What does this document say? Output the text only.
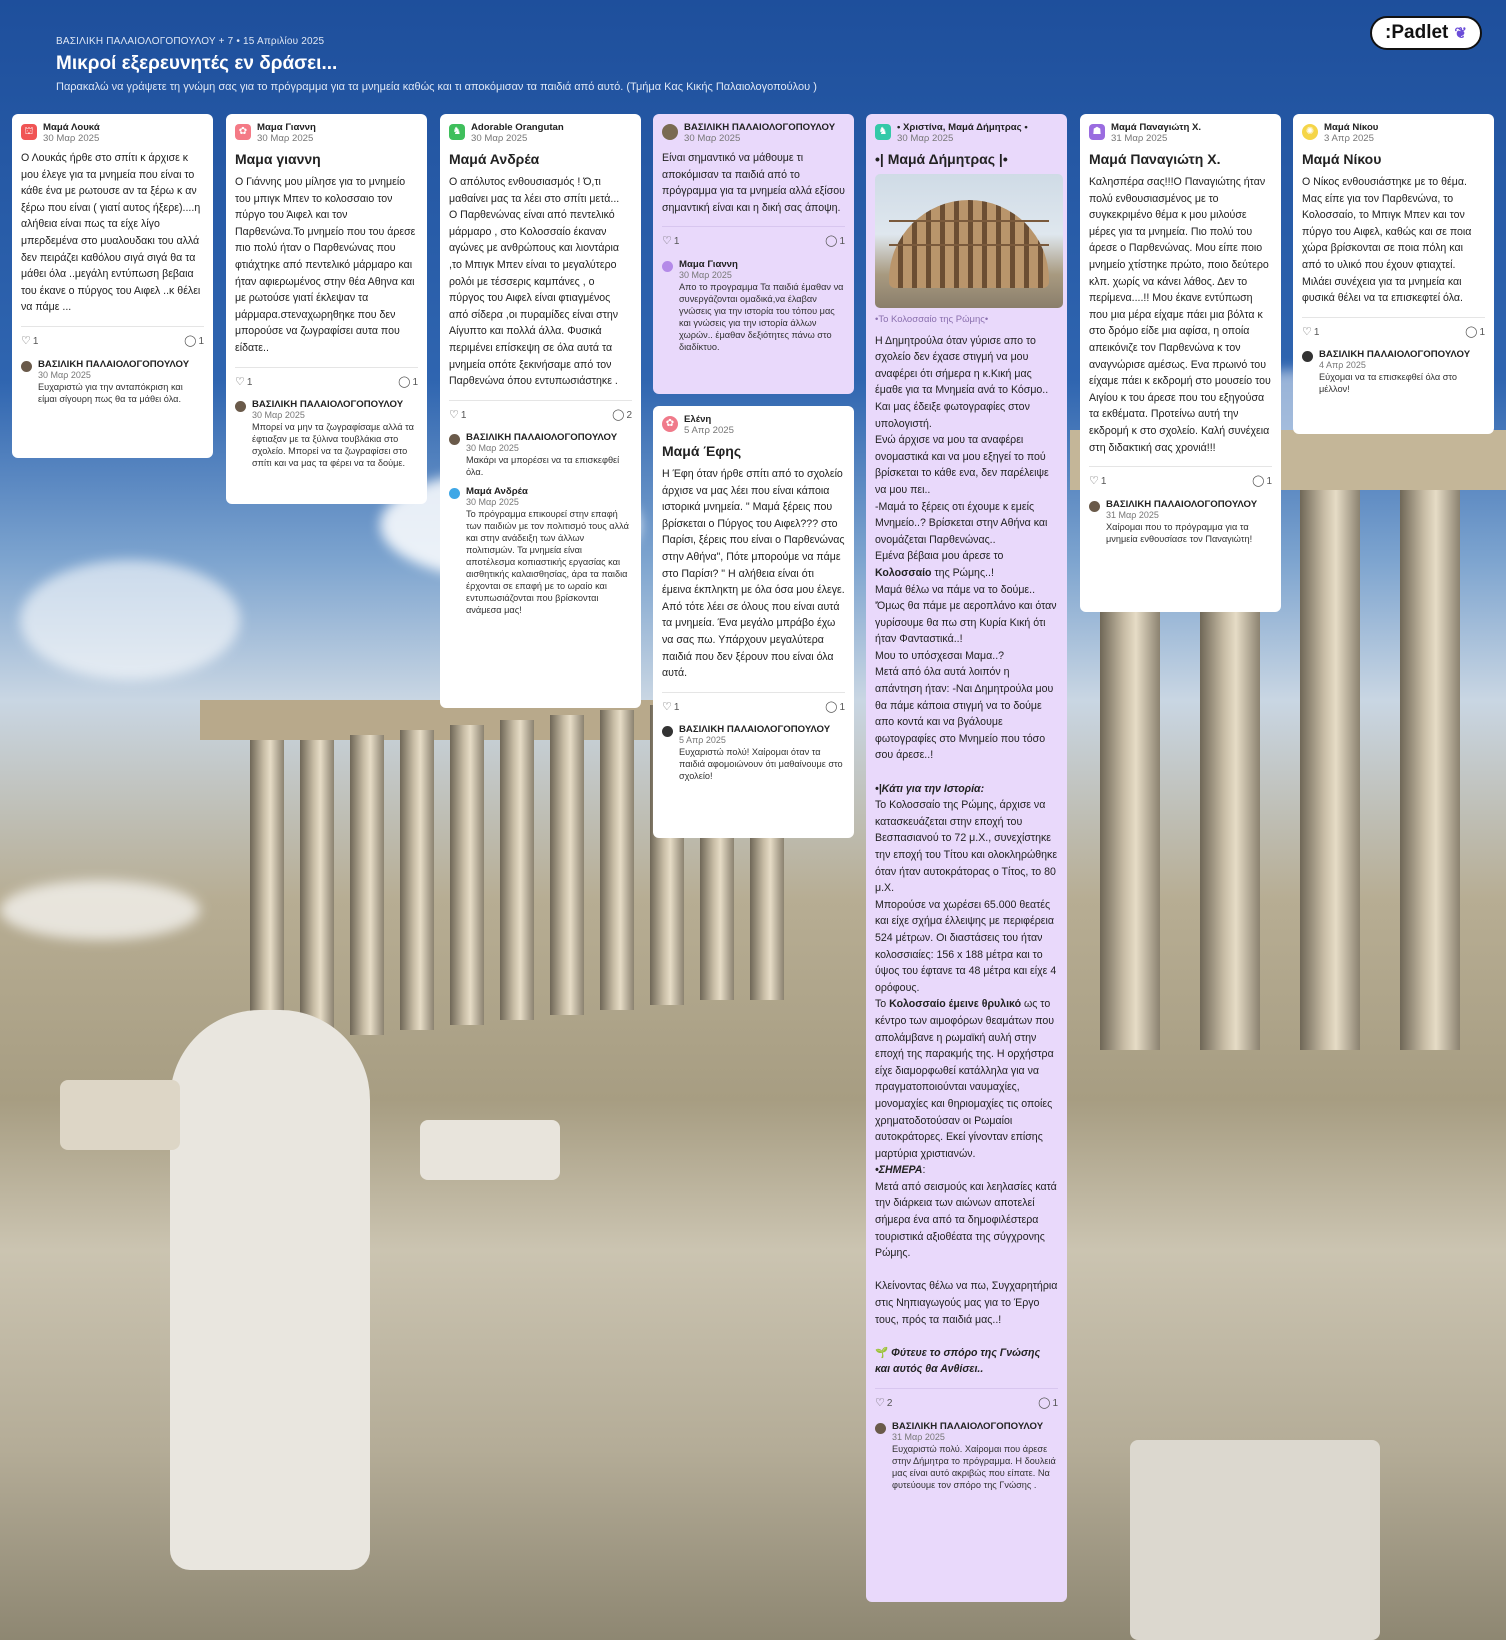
ΒΑΣΙΛΙΚΗ ΠΑΛΑΙΟΛΟΓΟΠΟΥΛΟΥ + 7 • 15 Απριλίου 2025
Μικροί εξερευνητές εν δράσει...
Παρακαλώ να γράψετε τη γνώμη σας για το πρόγραμμα για τα μνημεία καθώς και τι αποκόμισαν τα παιδιά από αυτό. (Τμήμα Κας Κικής Παλαιολογοπούλου )
:Padlet ❦
⛫ Μαμά Λουκά
30 Μαρ 2025
Ο Λουκάς ήρθε στο σπίτι κ άρχισε κ μου έλεγε για τα μνημεία που είναι το κάθε ένα με ρωτουσε αν τα ξέρω κ αν ξέρω που είναι ( γιατί αυτος ήξερε)....η αλήθεια είναι πως τα είχε λίγο μπερδεμένα στο μυαλουδακι του αλλά δεν πειράζει καθόλου σιγά σιγά θα τα μάθει όλα ..μεγάλη εντύπωση βεβαια του έκανε ο πύργος του Αιφελ ..κ θέλει να πάμε ...
♡ 1	◯ 1
ΒΑΣΙΛΙΚΗ ΠΑΛΑΙΟΛΟΓΟΠΟΥΛΟΥ
30 Μαρ 2025
Ευχαριστώ για την ανταπόκριση και είμαι σίγουρη πως θα τα μάθει όλα.
✿	Μαμα Γιαννη
30 Μαρ 2025
Μαμα γιαννη
Ο Γιάννης μου μίλησε για το μνημείο του μπιγκ Μπεν το κολοσσαιο τον πύργο του Άιφελ και τον Παρθενώνα.Το μνημείο που του άρεσε πιο πολύ ήταν ο Παρθενώνας που φτιάχτηκε από πεντελικό μάρμαρο και ήταν αφιερωμένος στην θέα Αθηνα και με ρωτούσε γιατί έκλεψαν τα μάρμαρα.στεναχωρηθηκε που δεν μπορούσε να ζωγραφίσει αυτα που είδατε..
♡ 1	◯ 1
ΒΑΣΙΛΙΚΗ ΠΑΛΑΙΟΛΟΓΟΠΟΥΛΟΥ
30 Μαρ 2025
Μπορεί να μην τα ζωγραφίσαμε αλλά τα έφτιαξαν με τα ξύλινα τουβλάκια στο σχολείο. Μπορεί να τα ζωγραφίσει στο σπίτι και να μας τα φέρει να τα δούμε.
♞ Adorable Orangutan
30 Μαρ 2025
Μαμά Ανδρέα
Ο απόλυτος ενθουσιασμός ! Ό,τι μαθαίνει μας τα λέει στο σπίτι μετά...
Ο Παρθενώνας είναι από πεντελικό μάρμαρο , στο Κολοσσαίο έκαναν αγώνες με ανθρώπους και λιοντάρια ,το Μπιγκ Μπεν είναι το μεγαλύτερο ρολόι με τέσσερις καμπάνες , ο πύργος του Αιφελ είναι φτιαγμένος από σίδερα ,οι πυραμίδες είναι στην Αίγυπτο και πολλά άλλα. Φυσικά περιμένει επίσκεψη σε όλα αυτά τα μνημεία οπότε ξεκινήσαμε από τον Παρθενώνα όπου εντυπωσιάστηκε .
♡ 1	◯ 2
ΒΑΣΙΛΙΚΗ ΠΑΛΑΙΟΛΟΓΟΠΟΥΛΟΥ
30 Μαρ 2025
Μακάρι να μπορέσει να τα επισκεφθεί όλα.
Μαμά Ανδρέα
30 Μαρ 2025
Το πρόγραμμα επικουρεί στην επαφή των παιδιών με τον πολιτισμό τους αλλά και στην ανάδειξη των άλλων πολιτισμών. Τα μνημεία είναι αποτέλεσμα κοπιαστικής εργασίας και αισθητικής καλαισθησίας, άρα τα παιδια έρχονται σε επαφή με το ωραίο και εντυπωσιάζονται που βρίσκονται ανάμεσα μας!
ΒΑΣΙΛΙΚΗ ΠΑΛΑΙΟΛΟΓΟΠΟΥΛΟΥ
30 Μαρ 2025
Είναι σημαντικό να μάθουμε τι αποκόμισαν τα παιδιά από το πρόγραμμα για τα μνημεία αλλά εξίσου σημαντική είναι και η δική σας άποψη.
♡ 1	◯ 1
Μαμα Γιαννη
30 Μαρ 2025
Απο το προγραμμα Τα παιδιά έμαθαν να συνεργάζονται ομαδικά,να έλαβαν γνώσεις για την ιστορία του τόπου μας και γνώσεις για την ιστορία άλλων χωρών.. έμαθαν δεξιότητες πάνω στο διαδίκτυο.
✿	Ελένη
5 Απρ 2025
Μαμά Έφης
Η Έφη όταν ήρθε σπίτι από το σχολείο άρχισε να μας λέει που είναι κάποια ιστορικά μνημεία. " Μαμά ξέρεις που βρίσκεται ο Πύργος του Αιφελ??? στο Παρίσι, ξέρεις που είναι ο Παρθενώνας στην Αθήνα", Πότε μπορούμε να πάμε στο Παρίσι? " Η αλήθεια είναι ότι έμεινα έκπληκτη με όλα όσα μου έλεγε. Από τότε λέει σε όλους που είναι αυτά τα μνημεία. Ένα μεγάλο μπράβο έχω να σας πω. Υπάρχουν μεγαλύτερα παιδιά που δεν ξέρουν που είναι όλα αυτά.
♡ 1	◯ 1
ΒΑΣΙΛΙΚΗ ΠΑΛΑΙΟΛΟΓΟΠΟΥΛΟΥ
5 Απρ 2025
Ευχαριστώ πολύ! Χαίρομαι όταν τα παιδιά αφομοιώνουν ότι μαθαίνουμε στο σχολείο!
♞ • Χριστίνα, Μαμά Δήμητρας •
30 Μαρ 2025
•| Μαμά Δήμητρας |•
•Το Κολοσσαίο της Ρώμης•
Η Δημητρούλα όταν γύρισε απο το σχολείο δεν έχασε στιγμή να μου αναφέρει ότι σήμερα η κ.Κική μας έμαθε για τα Μνημεία ανά το Κόσμο..
Και μας έδειξε φωτογραφίες στον υπολογιστή.
Ενώ άρχισε να μου τα αναφέρει ονομαστικά και να μου εξηγεί το πού βρίσκεται το κάθε ενα, δεν παρέλειψε να μου πει..
-Μαμά το ξέρεις οτι έχουμε κ εμείς Μνημείο..? Βρίσκεται στην Αθήνα και ονομάζεται Παρθενώνας..
Εμένα βέβαια μου άρεσε το Κολοσσαίο της Ρώμης..!
Μαμά θέλω να πάμε να το δούμε..
'Όμως θα πάμε με αεροπλάνο και όταν γυρίσουμε θα πω στη Κυρία Κική ότι ήταν Φανταστικά..!
Μου το υπόσχεσαι Μαμα..?
Μετά από όλα αυτά λοιπόν η απάντηση ήταν: -Ναι Δημητρούλα μου θα πάμε κάποια στιγμή να το δούμε απο κοντά και να βγάλουμε φωτογραφίες στο Μνημείο που τόσο σου άρεσε..!

•|Κάτι για την Ιστορία:
Το Κολοσσαίο της Ρώμης, άρχισε να κατασκευάζεται στην εποχή του Βεσπασιανού το 72 μ.Χ., συνεχίστηκε την εποχή του Τίτου και ολοκληρώθηκε όταν ήταν αυτοκράτορας ο Τίτος, το 80 μ.Χ.
Μπορούσε να χωρέσει 65.000 θεατές και είχε σχήμα έλλειψης με περιφέρεια 524 μέτρων. Οι διαστάσεις του ήταν κολοσσιαίες: 156 x 188 μέτρα και το ύψος του έφτανε τα 48 μέτρα και είχε 4 ορόφους.
Το Κολοσσαίο έμεινε θρυλικό ως το κέντρο των αιμοφόρων θεαμάτων που απολάμβανε η ρωμαϊκή αυλή στην εποχή της παρακμής της. Η ορχήστρα είχε διαμορφωθεί κατάλληλα για να πραγματοποιούνται ναυμαχίες, μονομαχίες και θηριομαχίες τις οποίες χρηματοδοτούσαν οι Ρωμαίοι αυτοκράτορες. Εκεί γίνονταν επίσης μαρτύρια χριστιανών.
•ΣΗΜΕΡΑ:
Μετά από σεισμούς και λεηλασίες κατά την διάρκεια των αιώνων αποτελεί σήμερα ένα από τα δημοφιλέστερα τουριστικά αξιοθέατα της σύγχρονης Ρώμης.

Κλείνοντας θέλω να πω, Συγχαρητήρια στις Νηπιαγωγούς μας για το Έργο τους, πρός τα παιδιά μας..!

🌱 Φύτευε το σπόρο της Γνώσης και αυτός θα Ανθίσει..
♡ 2	◯ 1
ΒΑΣΙΛΙΚΗ ΠΑΛΑΙΟΛΟΓΟΠΟΥΛΟΥ
31 Μαρ 2025
Ευχαριστώ πολύ. Χαίρομαι που άρεσε στην Δήμητρα το πρόγραμμα. Η δουλειά μας είναι αυτό ακριβώς που είπατε. Να φυτεύουμε τον σπόρο της Γνώσης .
☗ Μαμά Παναγιώτη Χ.
31 Μαρ 2025
Μαμά Παναγιώτη Χ.
Καλησπέρα σας!!!Ο Παναγιώτης ήταν πολύ ενθουσιασμένος με το συγκεκριμένο θέμα κ μου μιλούσε μέρες για τα μνημεία. Πιο πολύ του άρεσε ο Παρθενώνας. Μου είπε ποιο μνημείο χτίστηκε πρώτο, ποιο δεύτερο κλπ. χωρίς να κάνει λάθος. Δεν το περίμενα....!! Μου έκανε εντύπωση που μια μέρα είχαμε πάει μια βόλτα κ στο δρόμο είδε μια αφίσα, η οποία απεικόνιζε τον Παρθενώνα κ τον αναγνώρισε αμέσως. Ενα πρωινό του είχαμε πάει κ εκδρομή στο μουσείο του Αιγίου κ του άρεσε που του εξηγούσα τα εκθέματα. Προτείνω αυτή την εκδρομή κ στο σχολείο. Καλή συνέχεια στη διδακτική σας χρονιά!!!
♡ 1	◯ 1
ΒΑΣΙΛΙΚΗ ΠΑΛΑΙΟΛΟΓΟΠΟΥΛΟΥ
31 Μαρ 2025
Χαίρομαι που το πρόγραμμα για τα μνημεία ενθουσίασε τον Παναγιώτη!
✺	Μαμά Νίκου
3 Απρ 2025
Μαμά Νίκου
Ο Νίκος ενθουσιάστηκε με το θέμα. Μας είπε για τον Παρθενώνα, το Κολοσσαίο, το Μπιγκ Μπεν και τον πύργο του Αιφελ, καθώς και σε ποια χώρα βρίσκονται σε ποια πόλη και από το υλικό που έχουν φτιαχτεί. Μιλάει συνέχεια για τα μνημεία και φυσικά θέλει να τα επισκεφτεί όλα.
♡ 1	◯ 1
ΒΑΣΙΛΙΚΗ ΠΑΛΑΙΟΛΟΓΟΠΟΥΛΟΥ
4 Απρ 2025
Εύχομαι να τα επισκεφθεί όλα στο μέλλον!
